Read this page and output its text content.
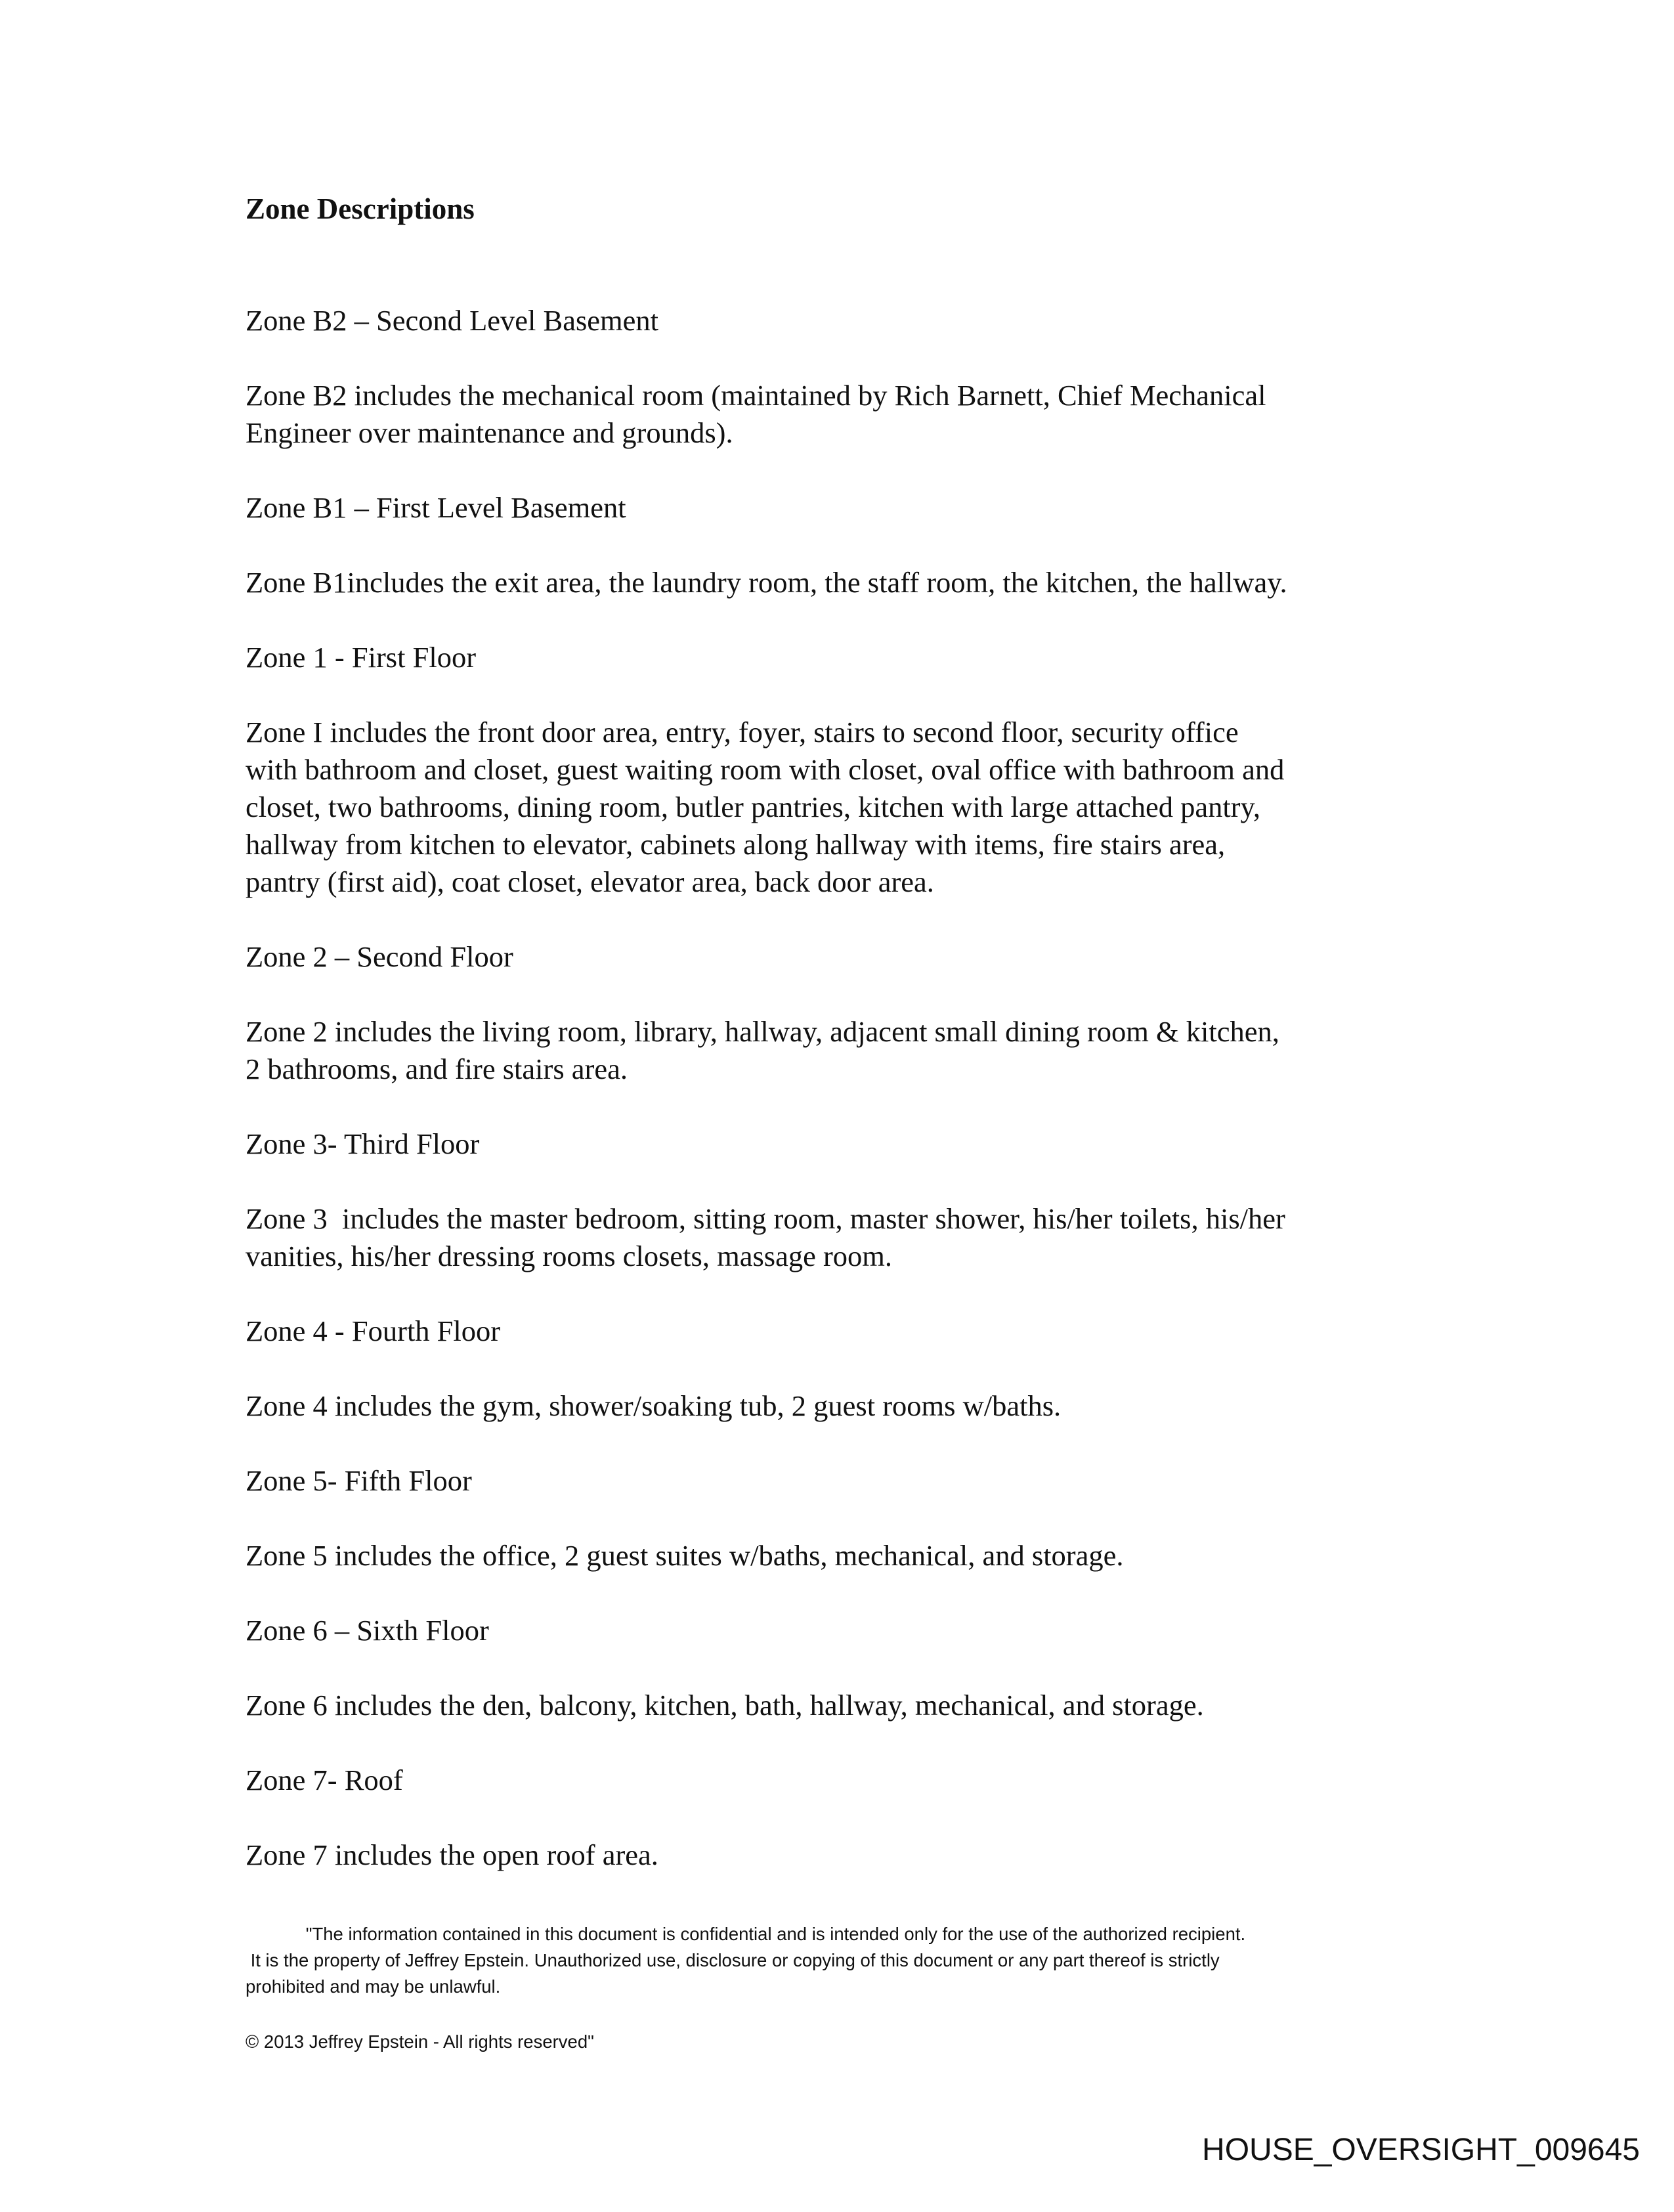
Zone Descriptions
Zone B2 – Second Level Basement
Zone B2 includes the mechanical room (maintained by Rich Barnett, Chief Mechanical
Engineer over maintenance and grounds).
Zone B1 – First Level Basement
Zone B1includes the exit area, the laundry room, the staff room, the kitchen, the hallway.
Zone 1 - First Floor
Zone I includes the front door area, entry, foyer, stairs to second floor, security office
with bathroom and closet, guest waiting room with closet, oval office with bathroom and
closet, two bathrooms, dining room, butler pantries, kitchen with large attached pantry,
hallway from kitchen to elevator, cabinets along hallway with items, fire stairs area,
pantry (first aid), coat closet, elevator area, back door area.
Zone 2 – Second Floor
Zone 2 includes the living room, library, hallway, adjacent small dining room & kitchen,
2 bathrooms, and fire stairs area.
Zone 3- Third Floor
Zone 3  includes the master bedroom, sitting room, master shower, his/her toilets, his/her
vanities, his/her dressing rooms closets, massage room.
Zone 4 - Fourth Floor
Zone 4 includes the gym, shower/soaking tub, 2 guest rooms w/baths.
Zone 5- Fifth Floor
Zone 5 includes the office, 2 guest suites w/baths, mechanical, and storage.
Zone 6 – Sixth Floor
Zone 6 includes the den, balcony, kitchen, bath, hallway, mechanical, and storage.
Zone 7- Roof
Zone 7 includes the open roof area.

"The information contained in this document is confidential and is intended only for the use of the authorized recipient.
It is the property of Jeffrey Epstein. Unauthorized use, disclosure or copying of this document or any part thereof is strictly
prohibited and may be unlawful.

© 2013 Jeffrey Epstein - All rights reserved"
HOUSE_OVERSIGHT_009645
